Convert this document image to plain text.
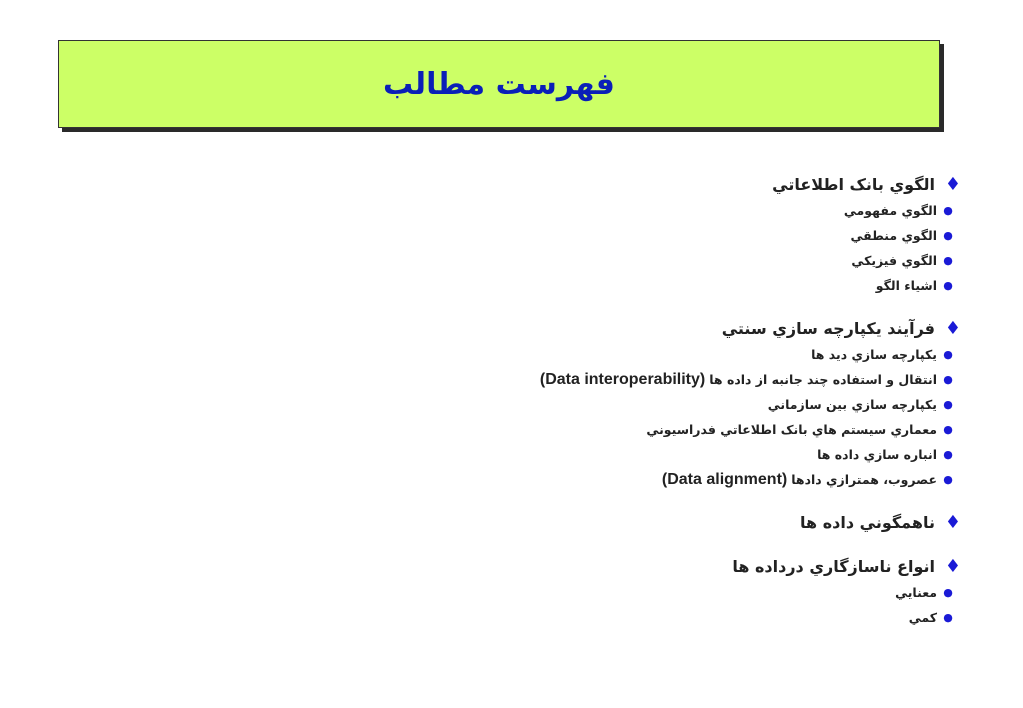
فهرست مطالب
♦
الگوي بانک اطلاعاتي
●
الگوي مفهومي
●
الگوي منطقي
●
الگوي فيزيکي
●
اشياء الگو
♦
فرآيند يکپارچه سازي سنتي
●
يکپارچه سازي ديد ها
●
انتقال و استفاده چند جانبه از داده ها
(Data interoperability)
●
يکپارچه سازي بين سازماني
●
معماري سيستم هاي بانک اطلاعاتي فدراسيوني
●
انباره سازي داده ها
●
عصروب، همترازي دادها
(Data alignment)
♦
ناهمگوني داده ها
♦
انواع ناسازگاري درداده ها
●
معنايي
●
کمي
